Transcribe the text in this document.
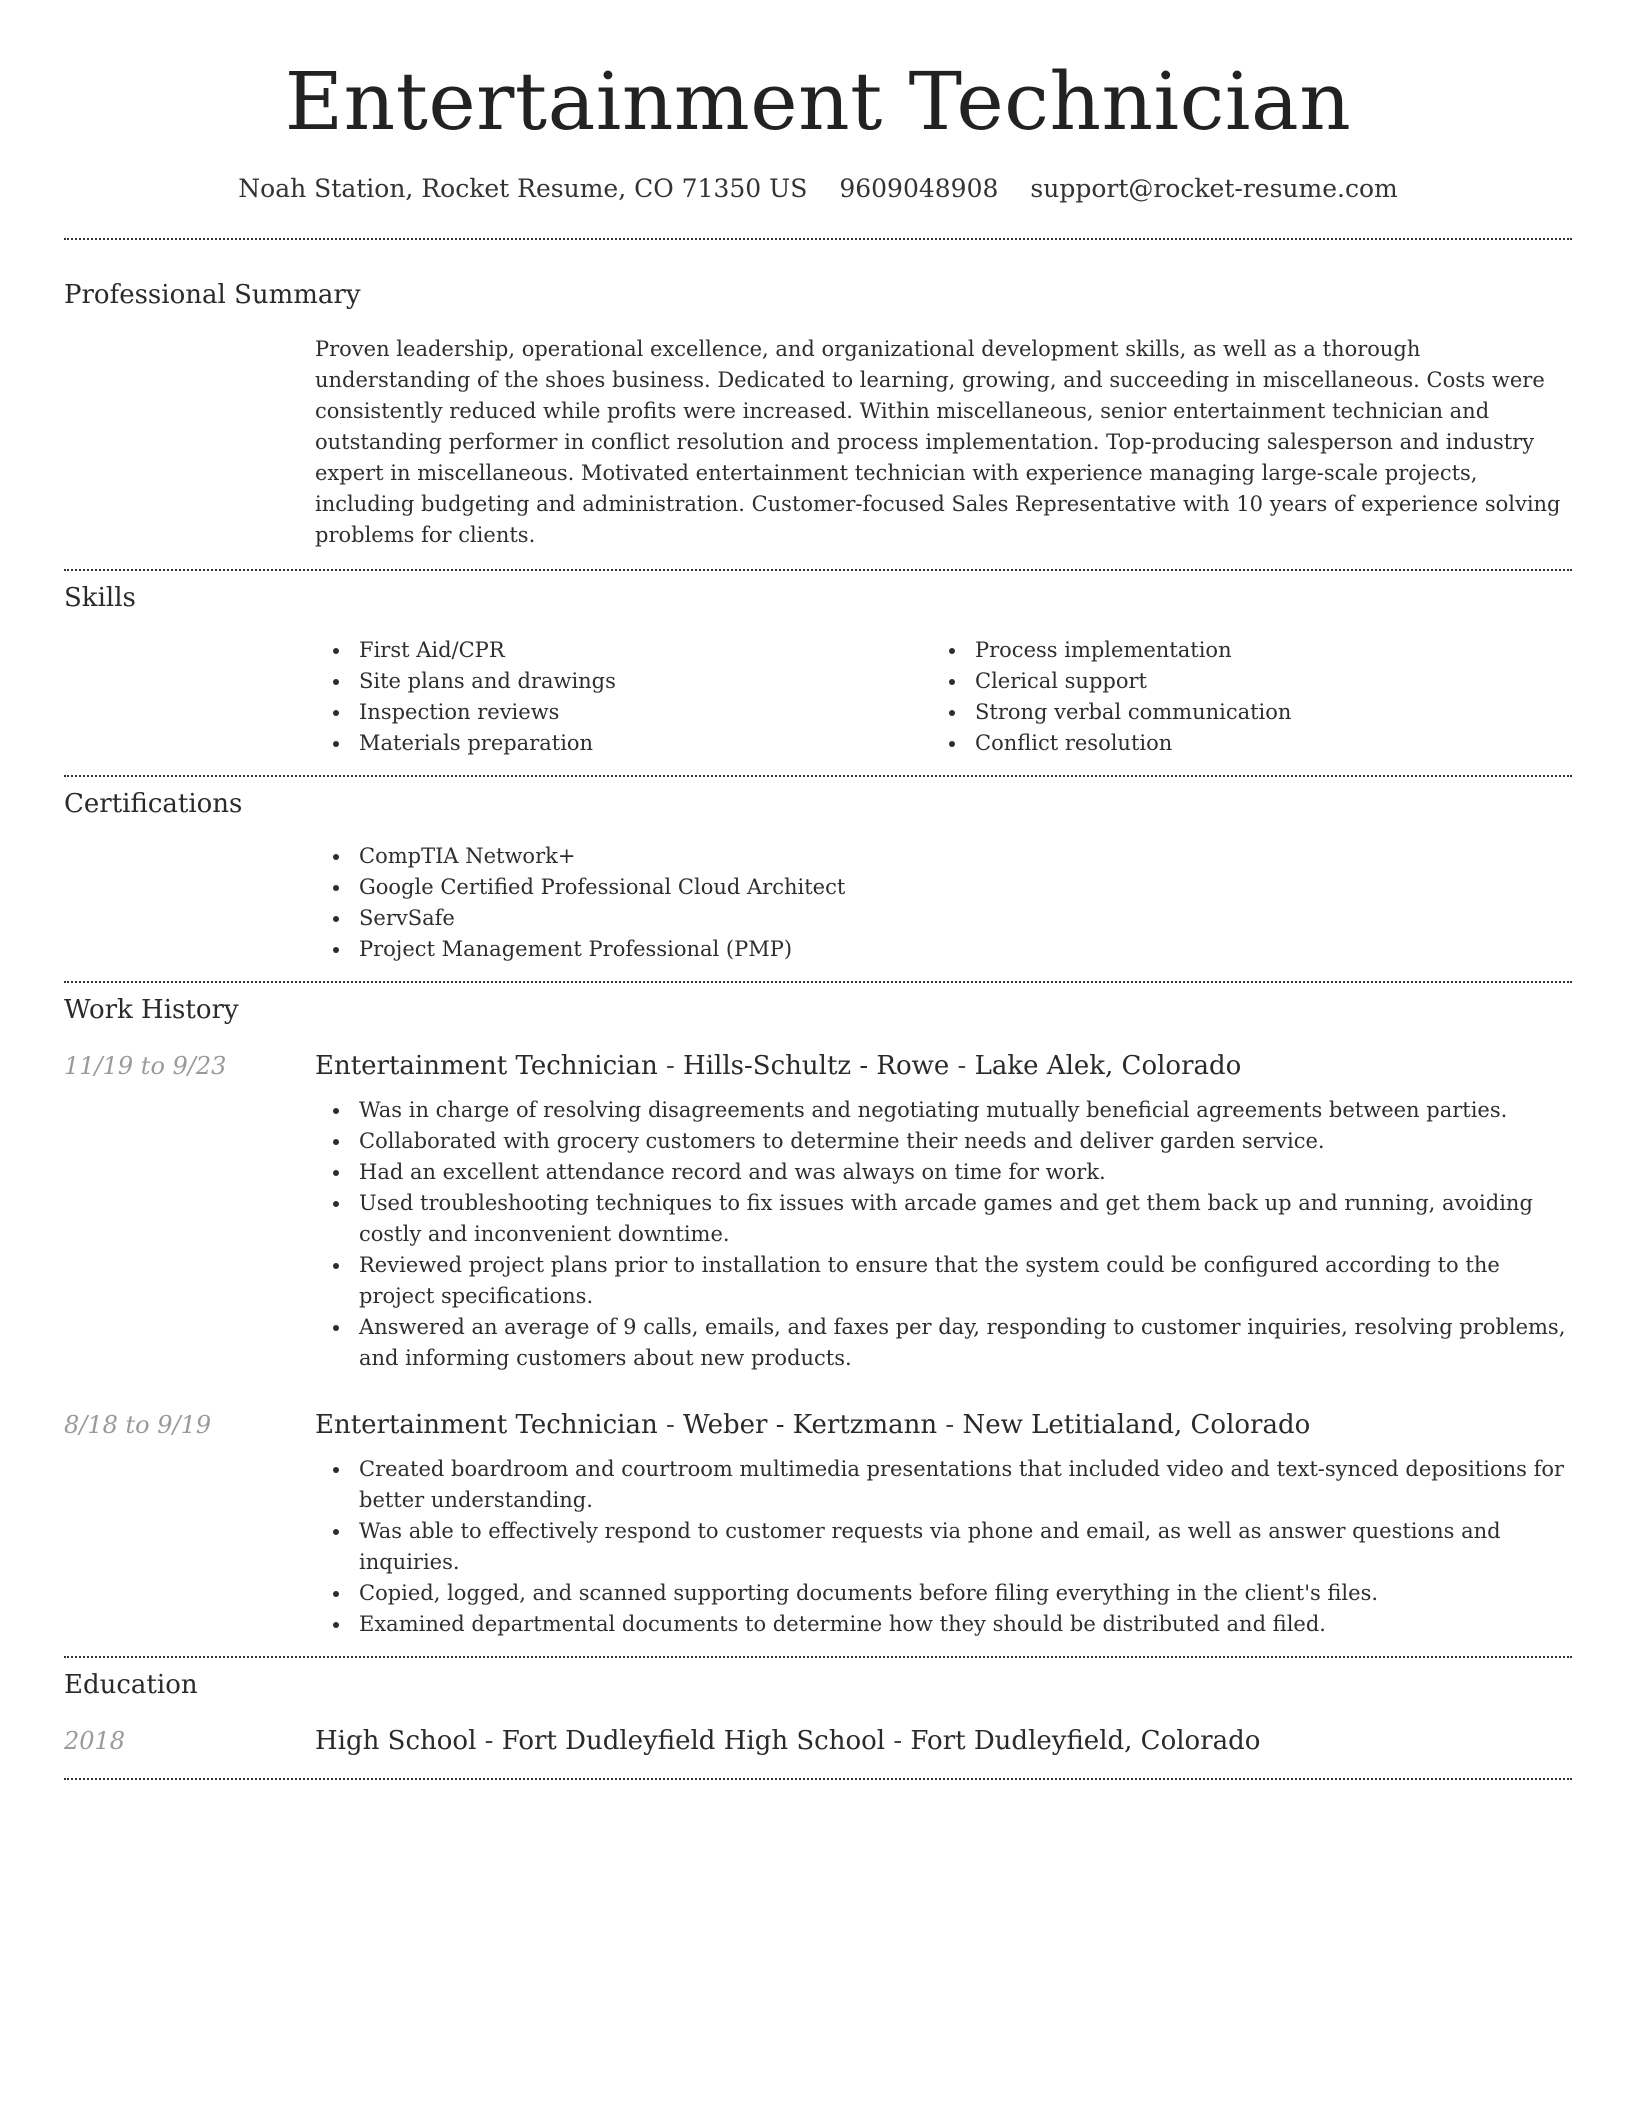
Entertainment Technician
Noah Station, Rocket Resume, CO 71350 US 9609048908 support@rocket-resume.com
Professional Summary

Proven leadership, operational excellence, and organizational development skills, as well as a thorough understanding of the shoes business. Dedicated to learning, growing, and succeeding in miscellaneous. Costs were consistently reduced while profits were increased. Within miscellaneous, senior entertainment technician and outstanding performer in conflict resolution and process implementation. Top-producing salesperson and industry expert in miscellaneous. Motivated entertainment technician with experience managing large-scale projects, including budgeting and administration. Customer-focused Sales Representative with 10 years of experience solving problems for clients.

Skills
First Aid/CPR
Site plans and drawings
Inspection reviews
Materials preparation
Process implementation
Clerical support
Strong verbal communication
Conflict resolution
Certifications
CompTIA Network+
Google Certified Professional Cloud Architect
ServSafe
Project Management Professional (PMP)
Work History
11/19 to 9/23	Entertainment Technician - Hills-Schultz - Rowe - Lake Alek, Colorado
Was in charge of resolving disagreements and negotiating mutually beneficial agreements between parties.
Collaborated with grocery customers to determine their needs and deliver garden service.
Had an excellent attendance record and was always on time for work.
Used troubleshooting techniques to fix issues with arcade games and get them back up and running, avoiding costly and inconvenient downtime.
Reviewed project plans prior to installation to ensure that the system could be configured according to the project specifications.
Answered an average of 9 calls, emails, and faxes per day, responding to customer inquiries, resolving problems, and informing customers about new products.
8/18 to 9/19	Entertainment Technician - Weber - Kertzmann - New Letitialand, Colorado
Created boardroom and courtroom multimedia presentations that included video and text-synced depositions for better understanding.
Was able to effectively respond to customer requests via phone and email, as well as answer questions and inquiries.
Copied, logged, and scanned supporting documents before filing everything in the client's files.
Examined departmental documents to determine how they should be distributed and filed.
Education
2018	High School - Fort Dudleyfield High School - Fort Dudleyfield, Colorado
